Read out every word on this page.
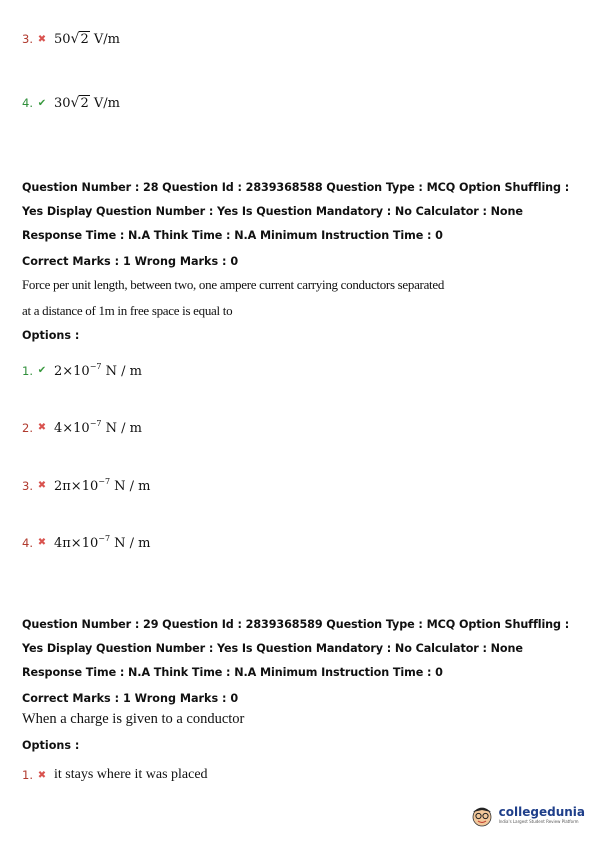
3. ✖ 50√2 V/m
4. ✔ 30√2 V/m
Question Number : 28 Question Id : 2839368588 Question Type : MCQ Option Shuffling : Yes Display Question Number : Yes Is Question Mandatory : No Calculator : None Response Time : N.A Think Time : N.A Minimum Instruction Time : 0
Correct Marks : 1 Wrong Marks : 0
Force per unit length, between two, one ampere current carrying conductors separated
at a distance of 1m in free space is equal to
Options :
1. ✔ $2\times 10^{-7}$ N / m
2. ✖ $4\times 10^{-7}$ N / m
3. ✖ $2\pi\times 10^{-7}$ N / m
4. ✖ $4\pi\times 10^{-7}$ N / m
Question Number : 29 Question Id : 2839368589 Question Type : MCQ Option Shuffling : Yes Display Question Number : Yes Is Question Mandatory : No Calculator : None Response Time : N.A Think Time : N.A Minimum Instruction Time : 0
Correct Marks : 1 Wrong Marks : 0
When a charge is given to a conductor
Options :
1. ✖ it stays where it was placed
collegedunia
India's Largest Student Review Platform
